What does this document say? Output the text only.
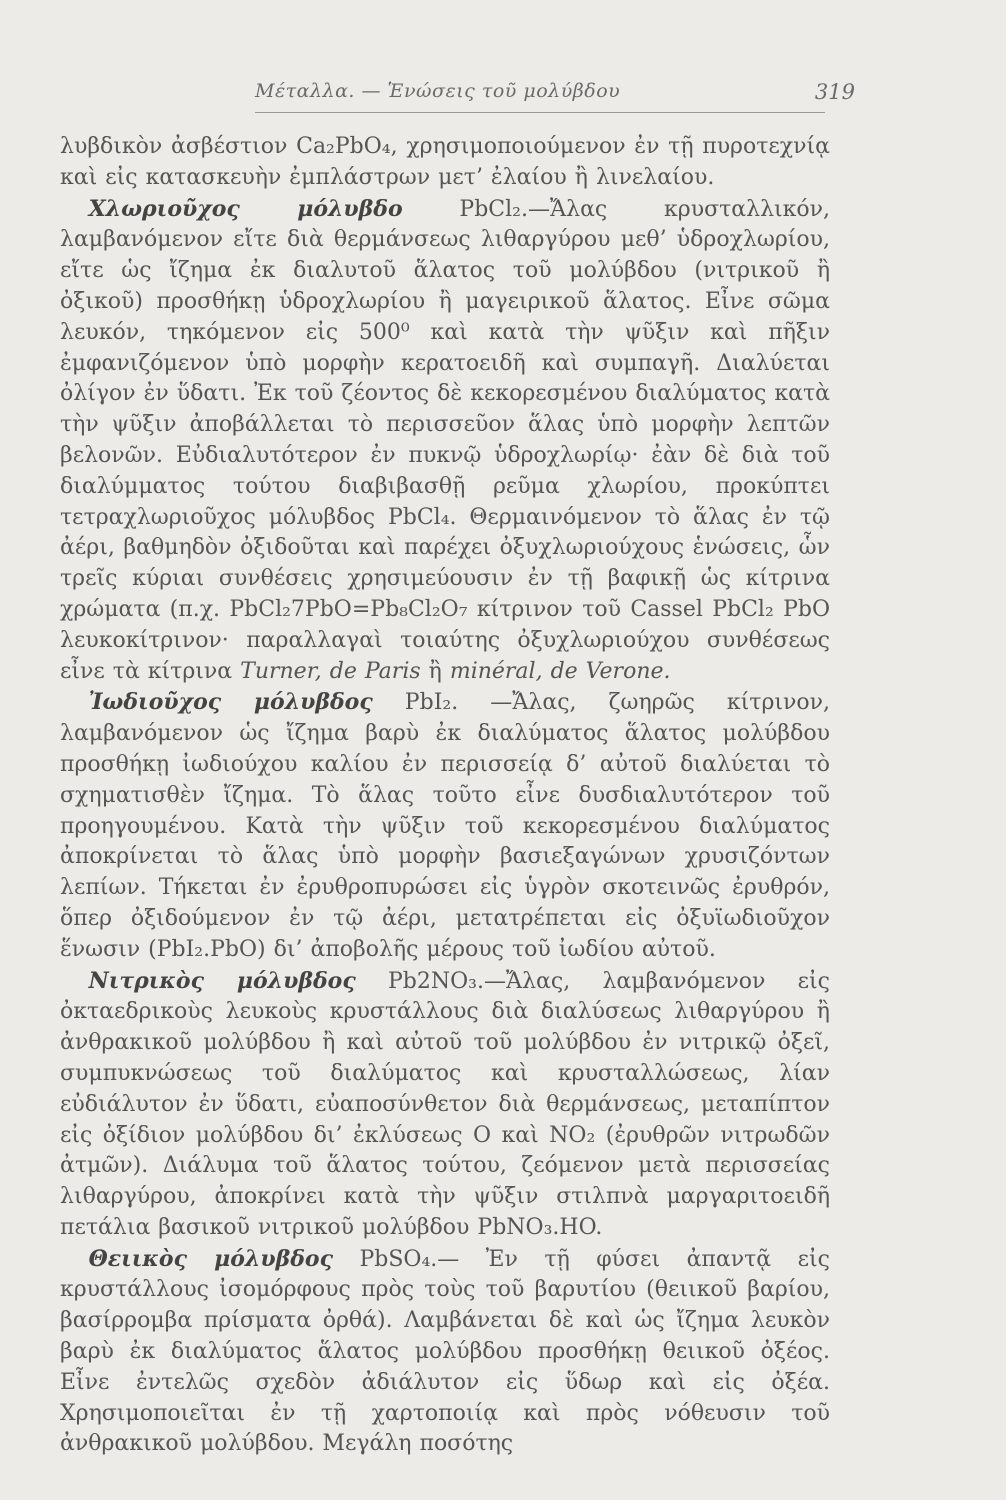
Μέταλλα. — Ἑνώσεις τοῦ μολύβδου	319

λυβδικὸν ἀσβέστιον Ca₂PbO₄, χρησιμοποιούμενον ἐν τῇ πυροτεχνίᾳ καὶ εἰς κατασκευὴν ἐμπλάστρων μετ’ ἐλαίου ἢ λινελαίου.

Χλωριοῦχος μόλυβδο PbCl₂.—Ἄλας κρυσταλλικόν, λαμβανόμενον εἴτε διὰ θερμάνσεως λιθαργύρου μεθ’ ὑδροχλωρίου, εἴτε ὡς ἴζημα ἐκ διαλυτοῦ ἅλατος τοῦ μολύβδου (νιτρικοῦ ἢ ὀξικοῦ) προσθήκῃ ὑδροχλωρίου ἢ μαγειρικοῦ ἅλατος. Εἶνε σῶμα λευκόν, τηκόμενον εἰς 500⁰ καὶ κατὰ τὴν ψῦξιν καὶ πῆξιν ἐμφανιζόμενον ὑπὸ μορφὴν κερατοειδῆ καὶ συμπαγῆ. Διαλύεται ὀλίγον ἐν ὕδατι. Ἐκ τοῦ ζέοντος δὲ κεκορεσμένου διαλύματος κατὰ τὴν ψῦξιν ἀποβάλλεται τὸ περισσεῦον ἅλας ὑπὸ μορφὴν λεπτῶν βελονῶν. Εὐδιαλυτότερον ἐν πυκνῷ ὑδροχλωρίῳ· ἐὰν δὲ διὰ τοῦ διαλύμματος τούτου διαβιβασθῇ ρεῦμα χλωρίου, προκύπτει τετραχλωριοῦχος μόλυβδος PbCl₄. Θερμαινόμενον τὸ ἅλας ἐν τῷ ἀέρι, βαθμηδὸν ὀξιδοῦται καὶ παρέχει ὀξυχλωριούχους ἑνώσεις, ὧν τρεῖς κύριαι συνθέσεις χρησιμεύουσιν ἐν τῇ βαφικῇ ὡς κίτρινα χρώματα (π.χ. PbCl₂7PbO=Pb₈Cl₂O₇ κίτρινον τοῦ Cassel PbCl₂ PbO λευκοκίτρινον· παραλλαγαὶ τοιαύτης ὀξυχλωριούχου συνθέσεως εἶνε τὰ κίτρινα Turner, de Paris ἢ minéral, de Verone.

Ἰωδιοῦχος μόλυβδος PbI₂. —Ἄλας, ζωηρῶς κίτρινον, λαμβανόμενον ὡς ἴζημα βαρὺ ἐκ διαλύματος ἅλατος μολύβδου προσθήκῃ ἰωδιούχου καλίου ἐν περισσείᾳ δ’ αὐτοῦ διαλύεται τὸ σχηματισθὲν ἴζημα. Τὸ ἅλας τοῦτο εἶνε δυσδιαλυτότερον τοῦ προηγουμένου. Κατὰ τὴν ψῦξιν τοῦ κεκορεσμένου διαλύματος ἀποκρίνεται τὸ ἅλας ὑπὸ μορφὴν βασιεξαγώνων χρυσιζόντων λεπίων. Τήκεται ἐν ἐρυθροπυρώσει εἰς ὑγρὸν σκοτεινῶς ἐρυθρόν, ὅπερ ὀξιδούμενον ἐν τῷ ἀέρι, μετατρέπεται εἰς ὀξυϊωδιοῦχον ἕνωσιν (PbI₂.PbO) δι’ ἀποβολῆς μέρους τοῦ ἰωδίου αὐτοῦ.

Νιτρικὸς μόλυβδος Pb2NO₃.—Ἄλας, λαμβανόμενον εἰς ὀκταεδρικοὺς λευκοὺς κρυστάλλους διὰ διαλύσεως λιθαργύρου ἢ ἀνθρακικοῦ μολύβδου ἢ καὶ αὐτοῦ τοῦ μολύβδου ἐν νιτρικῷ ὀξεῖ, συμπυκνώσεως τοῦ διαλύματος καὶ κρυσταλλώσεως, λίαν εὐδιάλυτον ἐν ὕδατι, εὐαποσύνθετον διὰ θερμάνσεως, μεταπίπτον εἰς ὀξίδιον μολύβδου δι’ ἐκλύσεως O καὶ NO₂ (ἐρυθρῶν νιτρωδῶν ἀτμῶν). Διάλυμα τοῦ ἅλατος τούτου, ζεόμενον μετὰ περισσείας λιθαργύρου, ἀποκρίνει κατὰ τὴν ψῦξιν στιλπνὰ μαργαριτοειδῆ πετάλια βασικοῦ νιτρικοῦ μολύβδου PbNO₃.HO.

Θειικὸς μόλυβδος PbSO₄.— Ἐν τῇ φύσει ἀπαντᾷ εἰς κρυστάλλους ἰσομόρφους πρὸς τοὺς τοῦ βαρυτίου (θειικοῦ βαρίου, βασίρρομβα πρίσματα ὀρθά). Λαμβάνεται δὲ καὶ ὡς ἴζημα λευκὸν βαρὺ ἐκ διαλύματος ἅλατος μολύβδου προσθήκῃ θειικοῦ ὀξέος. Εἶνε ἐντελῶς σχεδὸν ἀδιάλυτον εἰς ὕδωρ καὶ εἰς ὀξέα. Χρησιμοποιεῖται ἐν τῇ χαρτοποιίᾳ καὶ πρὸς νόθευσιν τοῦ ἀνθρακικοῦ μολύβδου. Μεγάλη ποσότης
